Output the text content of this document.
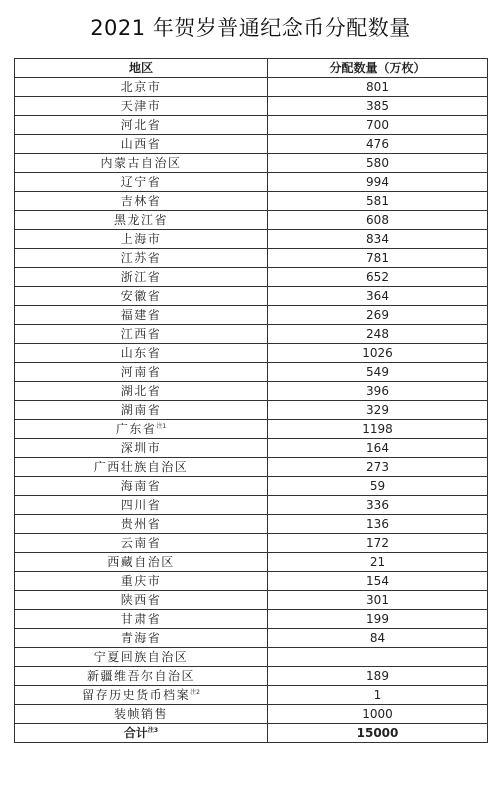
2021 年贺岁普通纪念币分配数量
地区	分配数量（万枚）
北京市	801
天津市	385
河北省	700
山西省	476
内蒙古自治区	580
辽宁省	994
吉林省	581
黑龙江省	608
上海市	834
江苏省	781
浙江省	652
安徽省	364
福建省	269
江西省	248
山东省	1026
河南省	549
湖北省	396
湖南省	329
广东省$^{注1}$	1198
深圳市	164
广西壮族自治区	273
海南省	59
四川省	336
贵州省	136
云南省	172
西藏自治区	21
重庆市	154
陕西省	301
甘肃省	199
青海省	84
宁夏回族自治区	
新疆维吾尔自治区	189
留存历史货币档案$^{注2}$	1
装帧销售	1000
合计$^{注3}$	15000
